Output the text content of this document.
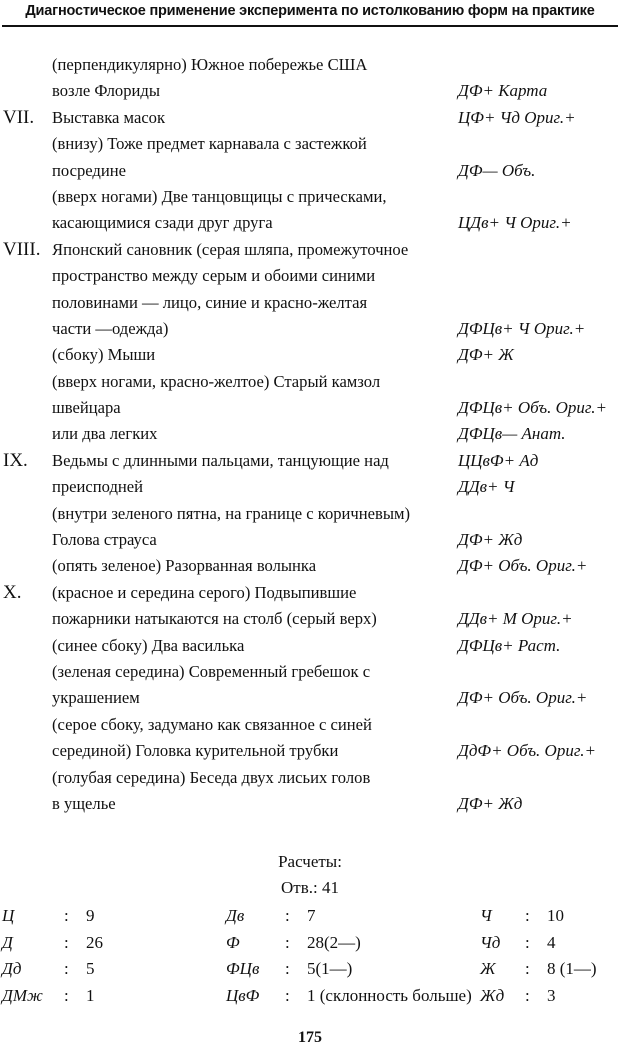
Диагностическое применение эксперимента по истолкованию форм на практике
(перпендикулярно) Южное побережье США
возле Флориды	ДФ+ Карта
VII. Выставка масок	ЦФ+ Чд Ориг.+
(внизу) Тоже предмет карнавала с застежкой
посредине	ДФ— Объ.
(вверх ногами) Две танцовщицы с прическами,
касающимися сзади друг друга	ЦДв+ Ч Ориг.+
VIII. Японский сановник (серая шляпа, промежуточное
пространство между серым и обоими синими
половинами — лицо, синие и красно-желтая
части —одежда)	ДФЦв+ Ч Ориг.+
(сбоку) Мыши	ДФ+ Ж
(вверх ногами, красно-желтое) Старый камзол
швейцара	ДФЦв+ Объ. Ориг.+
или два легких	ДФЦв— Анат.
IX. Ведьмы с длинными пальцами, танцующие над	ЦЦвФ+ Ад
преисподней	ДДв+ Ч
(внутри зеленого пятна, на границе с коричневым)
Голова страуса	ДФ+ Жд
(опять зеленое) Разорванная волынка	ДФ+ Объ. Ориг.+
X. (красное и середина серого) Подвыпившие
пожарники натыкаются на столб (серый верх)	ДДв+ М Ориг.+
(синее сбоку) Два василька	ДФЦв+ Раст.
(зеленая середина) Современный гребешок с
украшением	ДФ+ Объ. Ориг.+
(серое сбоку, задумано как связанное с синей
серединой) Головка курительной трубки	ДдФ+ Объ. Ориг.+
(голубая середина) Беседа двух лисьих голов
в ущелье	ДФ+ Жд
Расчеты:
Отв.: 41
Ц	: 9	Дв : 7	Ч : 10
Д	: 26	Ф	: 28(2—)	Чд : 4
Дд	: 5	ФЦв : 5(1—)	Ж : 8 (1—)
ДМж : 1	ЦвФ : 1 (склонность больше) Жд : 3
175
